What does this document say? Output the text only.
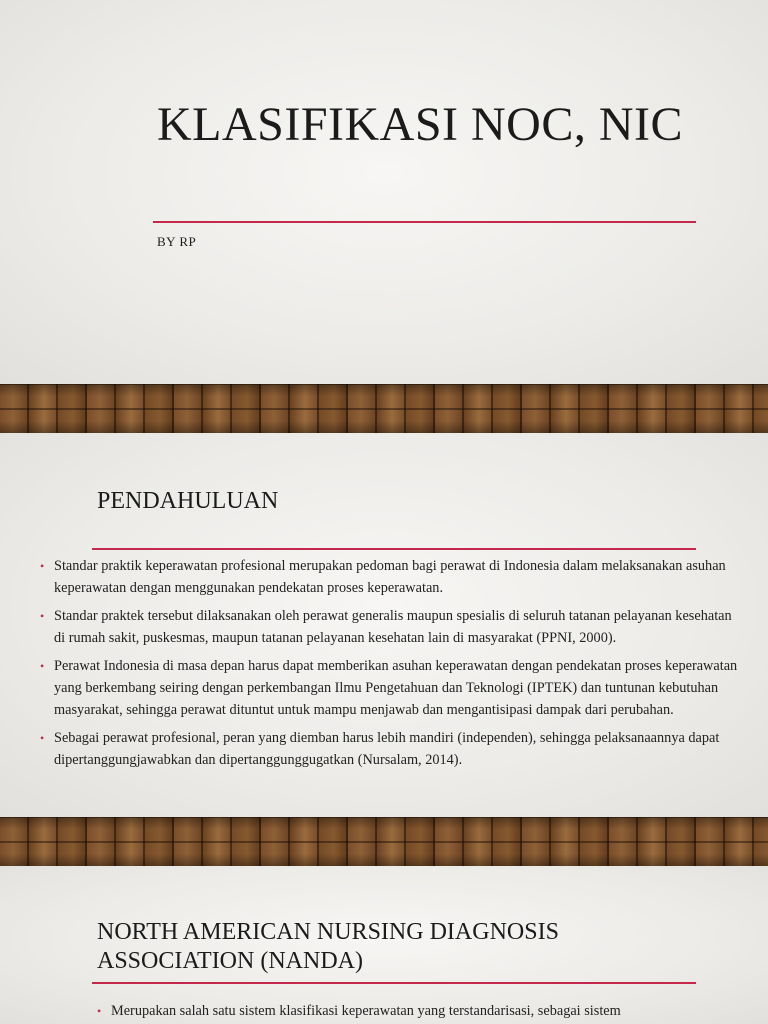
KLASIFIKASI NOC, NIC

BY RP

PENDAHULUAN
• Standar praktik keperawatan profesional merupakan pedoman bagi perawat di Indonesia dalam melaksanakan asuhan keperawatan dengan menggunakan pendekatan proses keperawatan.
• Standar praktek tersebut dilaksanakan oleh perawat generalis maupun spesialis di seluruh tatanan pelayanan kesehatan di rumah sakit, puskesmas, maupun tatanan pelayanan kesehatan lain di masyarakat (PPNI, 2000).
• Perawat Indonesia di masa depan harus dapat memberikan asuhan keperawatan dengan pendekatan proses keperawatan yang berkembang seiring dengan perkembangan Ilmu Pengetahuan dan Teknologi (IPTEK) dan tuntunan kebutuhan masyarakat, sehingga perawat dituntut untuk mampu menjawab dan mengantisipasi dampak dari perubahan.
• Sebagai perawat profesional, peran yang diemban harus lebih mandiri (independen), sehingga pelaksanaannya dapat dipertanggungjawabkan dan dipertanggunggugatkan (Nursalam, 2014).
NORTH AMERICAN NURSING DIAGNOSIS ASSOCIATION (NANDA)
• Merupakan salah satu sistem klasifikasi keperawatan yang terstandarisasi, sebagai sistem
